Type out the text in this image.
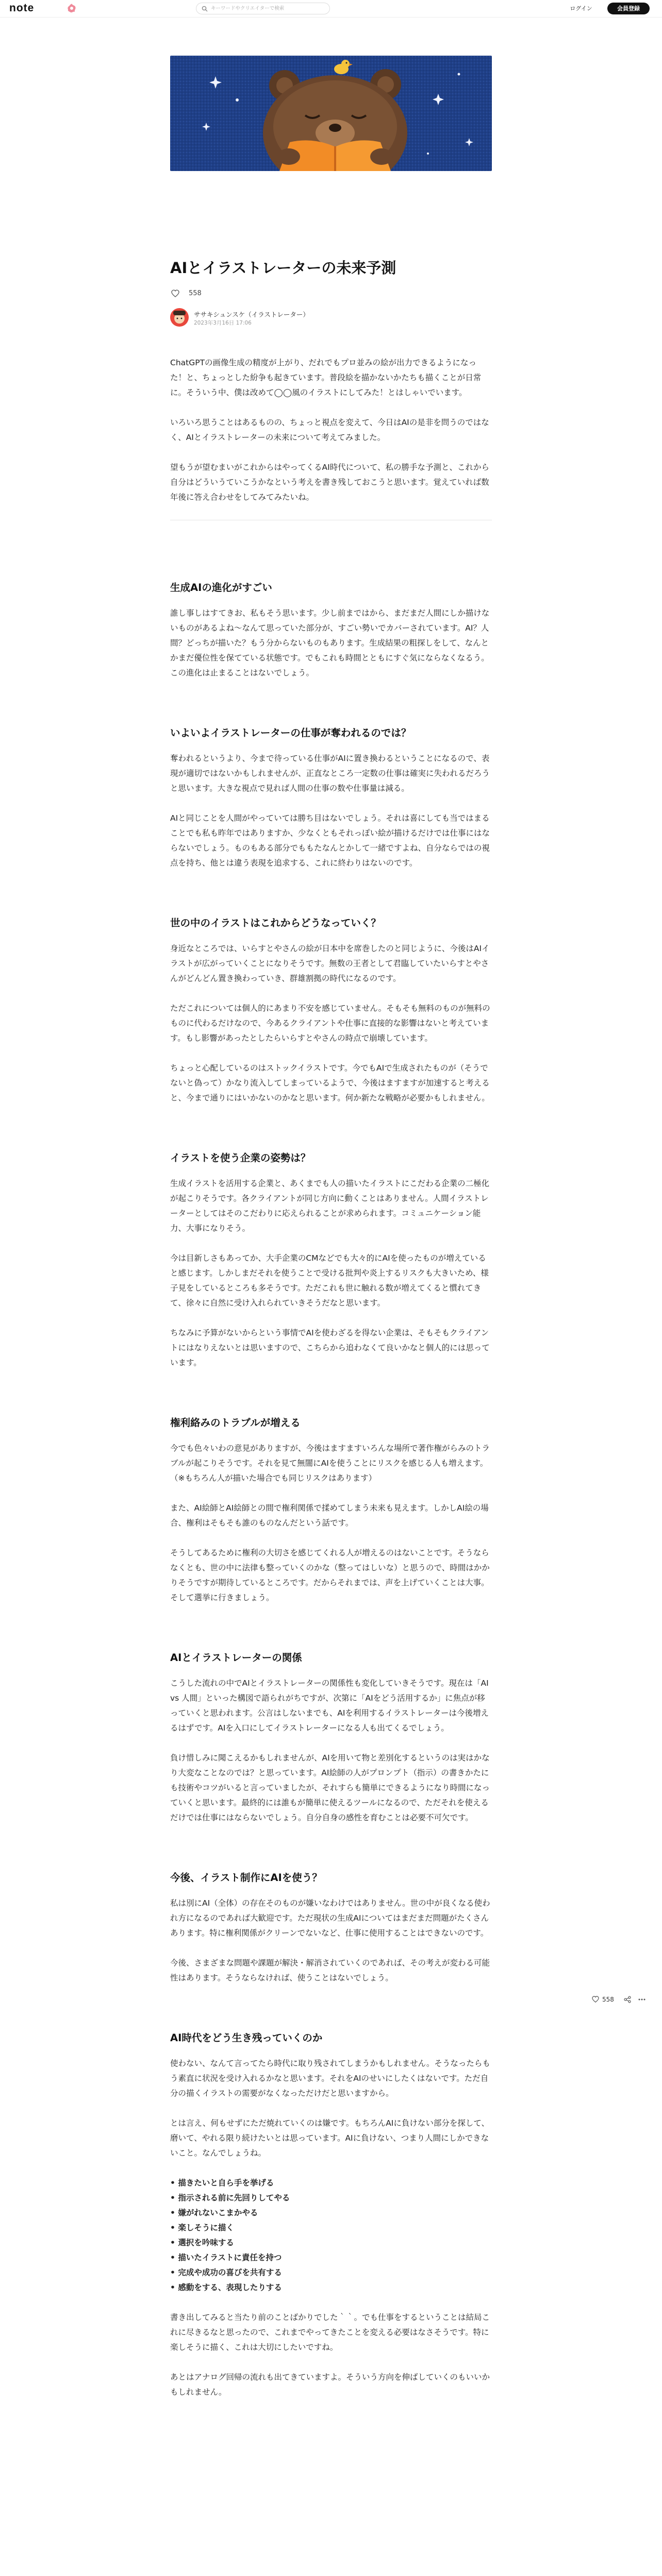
note
キーワードやクリエイターで検索	ログイン	会員登録
AIとイラストレーターの未来予測
558
ササキシュンスケ（イラストレーター）
2023年3月16日 17:06

ChatGPTの画像生成の精度が上がり、だれでもプロ並みの絵が出力できるようになった！と、ちょっとした紛争も起きています。普段絵を描かないかたちも描くことが日常に。そういう中、僕は改めて◯◯風のイラストにしてみた！とはしゃいでいます。

いろいろ思うことはあるものの、ちょっと視点を変えて、今日はAIの是非を問うのではなく、AIとイラストレーターの未来について考えてみました。

望もうが望むまいがこれからはやってくるAI時代について、私の勝手な予測と、これから自分はどういうていこうかなという考えを書き残しておこうと思います。覚えていれば数年後に答え合わせをしてみてみたいね。

生成AIの進化がすごい

誰し事しはすてきお、私もそう思います。少し前まではから、まだまだ人間にしか描けないものがあるよね〜なんて思っていた部分が、すごい勢いでカバーされています。AI？人間？どっちが描いた？もう分からないものもあります。生成結果の粗探しをして、なんとかまだ優位性を保てている状態です。でもこれも時間とともにすぐ気にならなくなるう。この進化は止まることはないでしょう。

いよいよイラストレーターの仕事が奪われるのでは？

奪われるというより、今まで待っている仕事がAIに置き換わるということになるので、表現が適切ではないかもしれませんが、正直なところ一定数の仕事は確実に失われるだろうと思います。大きな視点で見れば人間の仕事の数や仕事量は減る。

AIと同じことを人間がやっていては勝ち目はないでしょう。それは喜にしても当ではまることでも私も昨年ではありますか、少なくともそれっぽい絵が描けるだけでは仕事にはならないでしょう。ものもある部分でももたなんとかして一緒ですよね、自分ならではの視点を持ち、他とは違う表現を追求する、これに終わりはないのです。

世の中のイラストはこれからどうなっていく？

身近なところでは、いらすとやさんの絵が日本中を席巻したのと同じように、今後はAIイラストが広がっていくことになりそうです。無数の王者として君臨していたいらすとやさんがどんどん置き換わっていき、群雄割拠の時代になるのです。

ただこれについては個人的にあまり不安を感じていません。そもそも無料のものが無料のものに代わるだけなので、今あるクライアントや仕事に直接的な影響はないと考えています。もし影響があったとしたらいらすとやさんの時点で崩壊しています。

ちょっと心配しているのはストックイラストです。今でもAIで生成されたものが（そうでないと偽って）かなり流入してしまっているようで、今後はますますが加速すると考えると、今まで通りにはいかないのかなと思います。何か新たな戦略が必要かもしれません。

イラストを使う企業の姿勢は？

生成イラストを活用する企業と、あくまでも人の描いたイラストにこだわる企業の二極化が起こりそうです。各クライアントが同じ方向に動くことはありません。人間イラストレーターとしてはそのこだわりに応えられることが求められます。コミュニケーション能力、大事になりそう。

今は目新しさもあってか、大手企業のCMなどでも大々的にAIを使ったものが増えていると感じます。しかしまだそれを使うことで受ける批判や炎上するリスクも大きいため、様子見をしているところも多そうです。ただこれも世に触れる数が増えてくると慣れてきて、徐々に自然に受け入れられていきそうだなと思います。

ちなみに予算がないからという事情でAIを使わざるを得ない企業は、そもそもクライアントにはなりえないとは思いますので、こちらから追わなくて良いかなと個人的には思っています。

権利絡みのトラブルが増える

今でも色々いわの意見がありますが、今後はますますいろんな場所で著作権がらみのトラブルが起こりそうです。それを見て無闇にAIを使うことにリスクを感じる人も増えます。（※もちろん人が描いた場合でも同じリスクはあります）

また、AI絵師とAI絵師との間で権利関係で揉めてしまう未来も見えます。しかしAI絵の場合、権利はそもそも誰のものなんだという話です。

そうしてあるために権利の大切さを感じてくれる人が増えるのはないことです。そうならなくとも、世の中に法律も整っていくのかな（整ってはしいな）と思うので、時間はかかりそうですが期待しているところです。だからそれまでは、声を上げていくことは大事。そして選挙に行きましょう。

AIとイラストレーターの関係

こうした流れの中でAIとイラストレーターの関係性も変化していきそうです。現在は「AI vs 人間」といった構図で語られがちですが、次第に「AIをどう活用するか」に焦点が移っていくと思われます。公言はしないまでも、AIを利用するイラストレーターは今後増えるはずです。AIを入口にしてイラストレーターになる人も出てくるでしょう。

負け惜しみに聞こえるかもしれませんが、AIを用いて物と差別化するというのは実はかなり大変なことなのでは？と思っています。AI絵師の人がプロンプト（指示）の書きかたにも技術やコツがいると言っていましたが、それすらも簡単にできるようになり時間になっていくと思います。最終的には誰もが簡単に使えるツールになるので、ただそれを使えるだけでは仕事にはならないでしょう。自分自身の感性を育むことは必要不可欠です。

今後、イラスト制作にAIを使う？

私は別にAI（全体）の存在そのものが嫌いなわけではありません。世の中が良くなる使われ方になるのであれば大歓迎です。ただ現状の生成AIについてはまだまだ問題がたくさんあります。特に権利関係がクリーンでないなど、仕事に使用することはできないのです。

今後、さまざまな問題や課題が解決・解消されていくのであれば、その考えが変わる可能性はあります。そうならなければ、使うことはないでしょう。

AI時代をどう生き残っていくのか

使わない、なんて言ってたら時代に取り残されてしまうかもしれません。そうなったらもう素直に状況を受け入れるかなと思います。それをAIのせいにしたくはないです。ただ自分の描くイラストの需要がなくなっただけだと思いますから。

とは言え、何もせずにただ焼れていくのは嫌です。もちろんAIに負けない部分を探して、磨いて、やれる限り続けたいとは思っています。AIに負けない、つまり人間にしかできないこと。なんでしょうね。

• 描きたいと自ら手を挙げる
• 指示される前に先回りしてやる
• 嫌がれないこまかやる
• 楽しそうに描く
• 選択を吟味する
• 描いたイラストに責任を持つ
• 完成や成功の喜びを共有する
• 感動をする、表現したりする

書き出してみると当たり前のことばかりでした｀｀。でも仕事をするということは結局これに尽きるなと思ったので、これまでやってきたことを変える必要はなさそうです。特に楽しそうに描く、これは大切にしたいですね。

あとはアナログ回帰の流れも出てきていますよ。そういう方向を伸ばしていくのもいいかもしれません。

558
